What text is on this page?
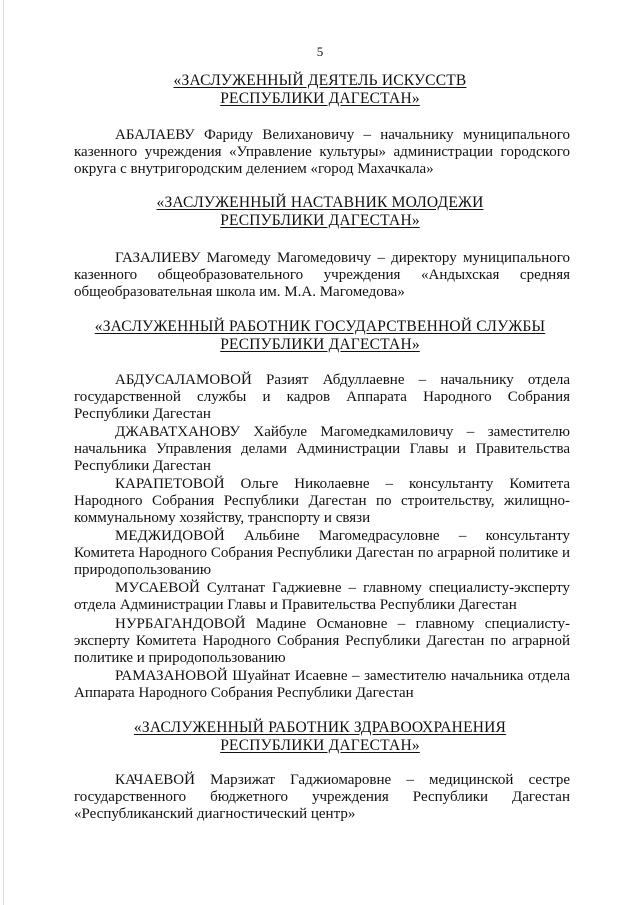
5
«ЗАСЛУЖЕННЫЙ ДЕЯТЕЛЬ ИСКУССТВ
РЕСПУБЛИКИ ДАГЕСТАН»

АБАЛАЕВУ Фариду Велихановичу – начальнику муниципального казенного учреждения «Управление культуры» администрации городского округа с внутригородским делением «город Махачкала»

«ЗАСЛУЖЕННЫЙ НАСТАВНИК МОЛОДЕЖИ
РЕСПУБЛИКИ ДАГЕСТАН»

ГАЗАЛИЕВУ Магомеду Магомедовичу – директору муниципального казенного общеобразовательного учреждения «Андыхская средняя общеобразовательная школа им. М.А. Магомедова»

«ЗАСЛУЖЕННЫЙ РАБОТНИК ГОСУДАРСТВЕННОЙ СЛУЖБЫ
РЕСПУБЛИКИ ДАГЕСТАН»

АБДУСАЛАМОВОЙ Разият Абдуллаевне – начальнику отдела государственной службы и кадров Аппарата Народного Собрания Республики Дагестан

ДЖАВАТХАНОВУ Хайбуле Магомедкамиловичу – заместителю начальника Управления делами Администрации Главы и Правительства Республики Дагестан

КАРАПЕТОВОЙ Ольге Николаевне – консультанту Комитета Народного Собрания Республики Дагестан по строительству, жилищно-коммунальному хозяйству, транспорту и связи

МЕДЖИДОВОЙ Альбине Магомедрасуловне – консультанту Комитета Народного Собрания Республики Дагестан по аграрной политике и природопользованию

МУСАЕВОЙ Султанат Гаджиевне – главному специалисту-эксперту отдела Администрации Главы и Правительства Республики Дагестан

НУРБАГАНДОВОЙ Мадине Османовне – главному специалисту-эксперту Комитета Народного Собрания Республики Дагестан по аграрной политике и природопользованию

РАМАЗАНОВОЙ Шуайнат Исаевне – заместителю начальника отдела Аппарата Народного Собрания Республики Дагестан

«ЗАСЛУЖЕННЫЙ РАБОТНИК ЗДРАВООХРАНЕНИЯ
РЕСПУБЛИКИ ДАГЕСТАН»

КАЧАЕВОЙ Марзижат Гаджиомаровне – медицинской сестре государственного бюджетного учреждения Республики Дагестан «Республиканский диагностический центр»
